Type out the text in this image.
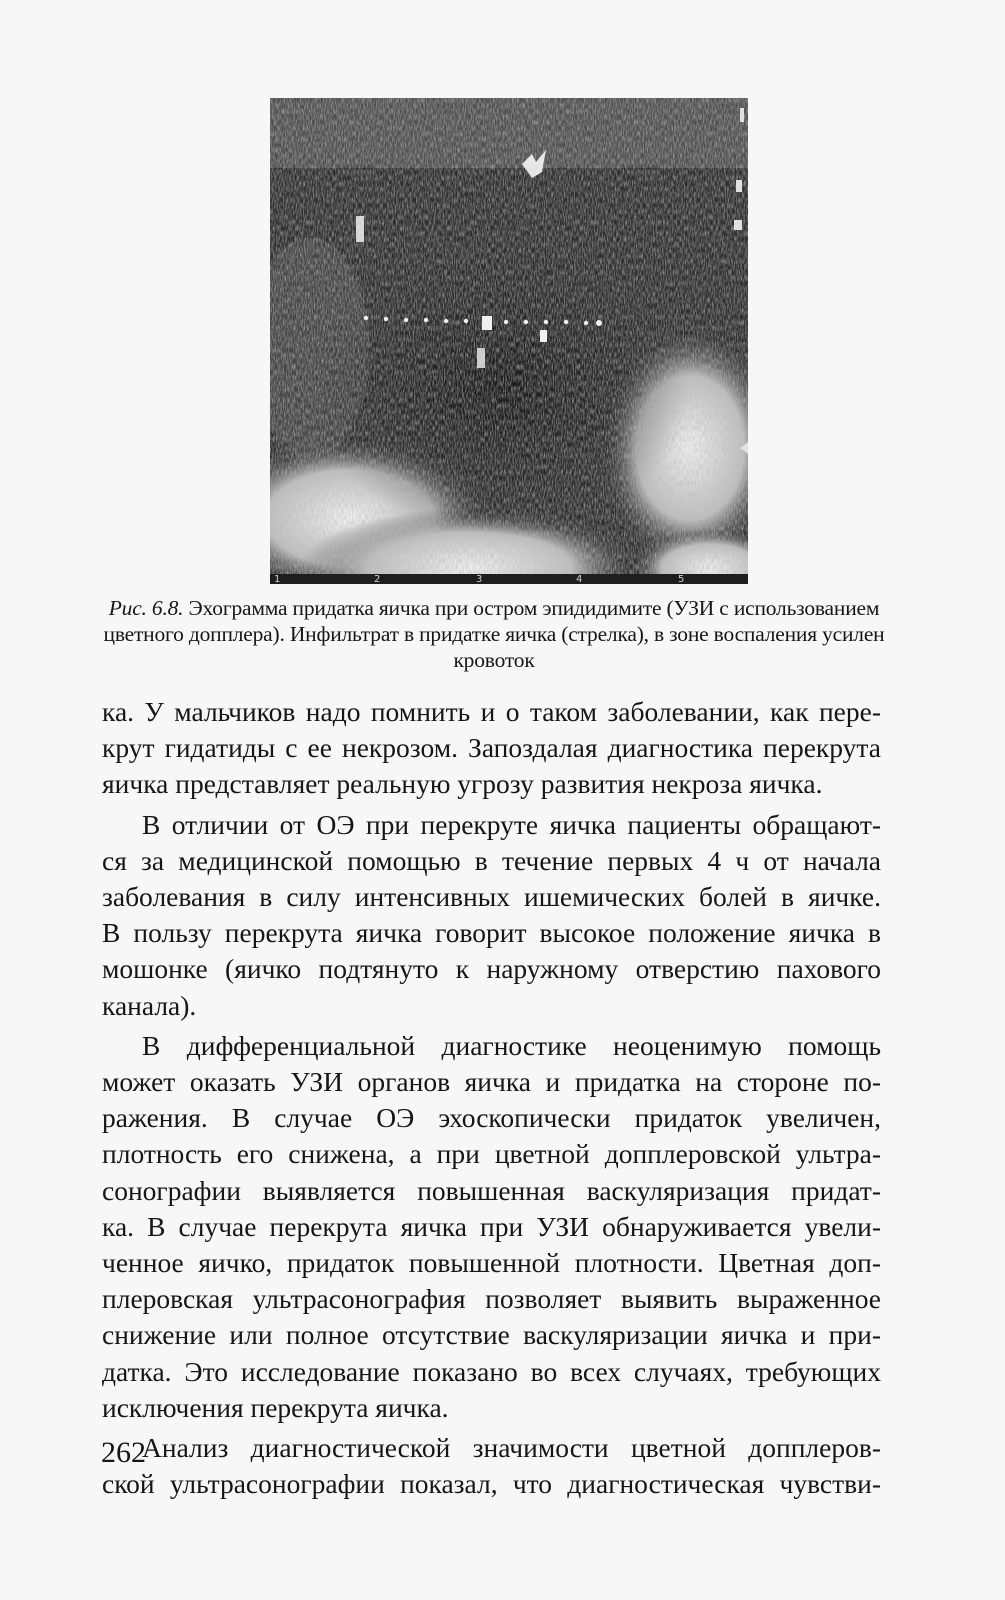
1	2	3	4	5
Рис. 6.8. Эхограмма придатка яичка при остром эпидидимите (УЗИ с использованием цветного допплера). Инфильтрат в придатке яичка (стрелка), в зоне воспаления усилен кровоток

ка. У мальчиков надо помнить и о таком заболевании, как пере-
крут гидатиды с ее некрозом. Запоздалая диагностика перекрута
яичка представляет реальную угрозу развития некроза яичка.

В отличии от ОЭ при перекруте яичка пациенты обращают-
ся за медицинской помощью в течение первых 4 ч от начала
заболевания в силу интенсивных ишемических болей в яичке.
В пользу перекрута яичка говорит высокое положение яичка в
мошонке (яичко подтянуто к наружному отверстию пахового
канала).

В дифференциальной диагностике неоценимую помощь
может оказать УЗИ органов яичка и придатка на стороне по-
ражения. В случае ОЭ эхоскопически придаток увеличен,
плотность его снижена, а при цветной допплеровской ультра-
сонографии выявляется повышенная васкуляризация придат-
ка. В случае перекрута яичка при УЗИ обнаруживается увели-
ченное яичко, придаток повышенной плотности. Цветная доп-
плеровская ультрасонография позволяет выявить выраженное
снижение или полное отсутствие васкуляризации яичка и при-
датка. Это исследование показано во всех случаях, требующих
исключения перекрута яичка.

Анализ диагностической значимости цветной допплеров-
ской ультрасонографии показал, что диагностическая чувстви-

262
